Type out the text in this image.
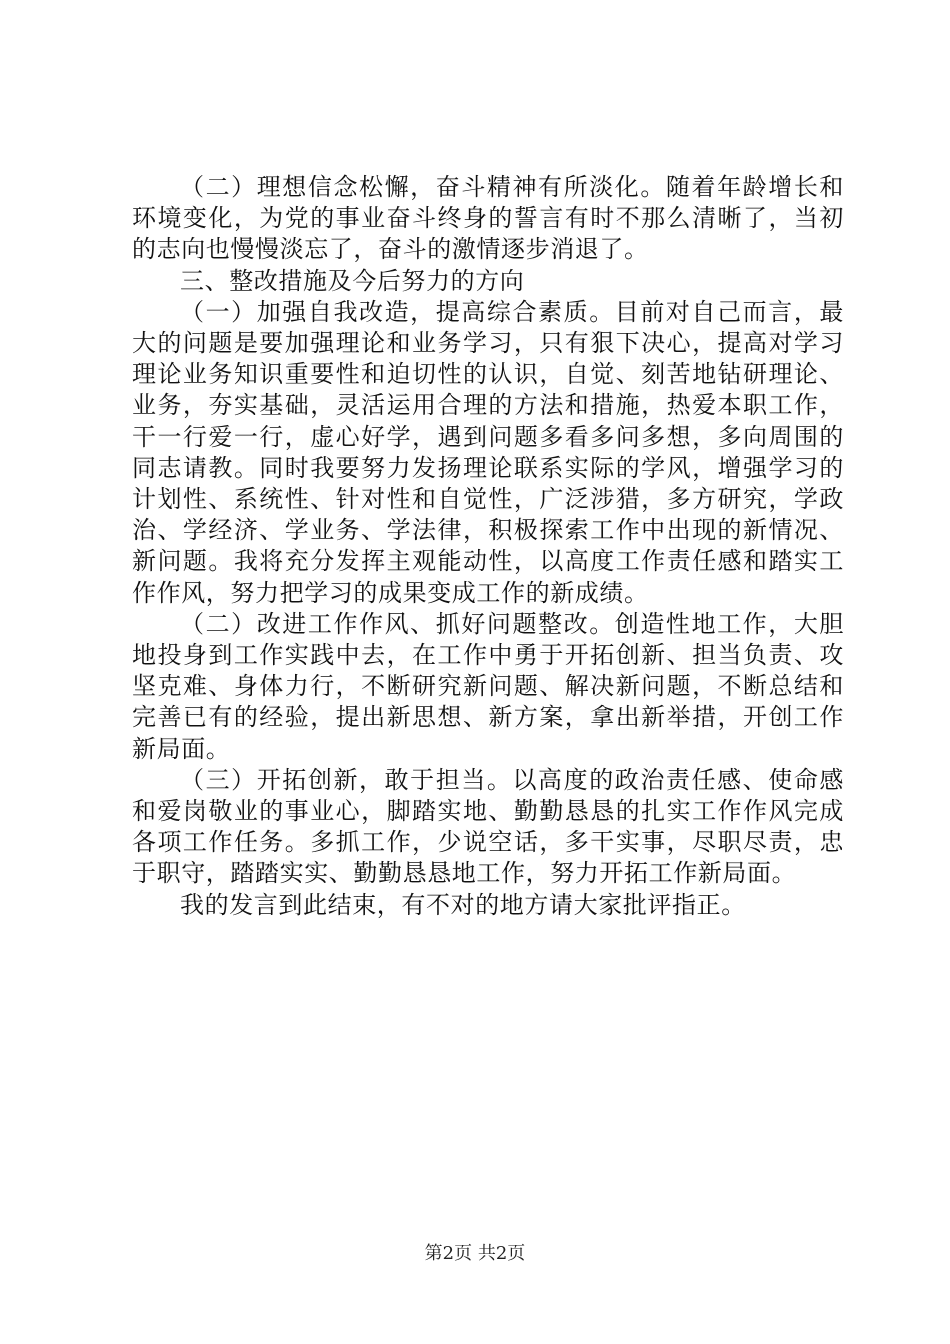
（二）理想信念松懈，奋斗精神有所淡化。随着年龄增长和环境变化，为党的事业奋斗终身的誓言有时不那么清晰了，当初的志向也慢慢淡忘了，奋斗的激情逐步消退了。

三、整改措施及今后努力的方向

（一）加强自我改造，提高综合素质。目前对自己而言，最大的问题是要加强理论和业务学习，只有狠下决心，提高对学习理论业务知识重要性和迫切性的认识，自觉、刻苦地钻研理论、业务，夯实基础，灵活运用合理的方法和措施，热爱本职工作，干一行爱一行，虚心好学，遇到问题多看多问多想，多向周围的同志请教。同时我要努力发扬理论联系实际的学风，增强学习的计划性、系统性、针对性和自觉性，广泛涉猎，多方研究，学政治、学经济、学业务、学法律，积极探索工作中出现的新情况、新问题。我将充分发挥主观能动性，以高度工作责任感和踏实工作作风，努力把学习的成果变成工作的新成绩。

（二）改进工作作风、抓好问题整改。创造性地工作，大胆地投身到工作实践中去，在工作中勇于开拓创新、担当负责、攻坚克难、身体力行，不断研究新问题、解决新问题，不断总结和完善已有的经验，提出新思想、新方案，拿出新举措，开创工作新局面。

（三）开拓创新，敢于担当。以高度的政治责任感、使命感和爱岗敬业的事业心，脚踏实地、勤勤恳恳的扎实工作作风完成各项工作任务。多抓工作，少说空话，多干实事，尽职尽责，忠于职守，踏踏实实、勤勤恳恳地工作，努力开拓工作新局面。

我的发言到此结束，有不对的地方请大家批评指正。

第2页 共2页
